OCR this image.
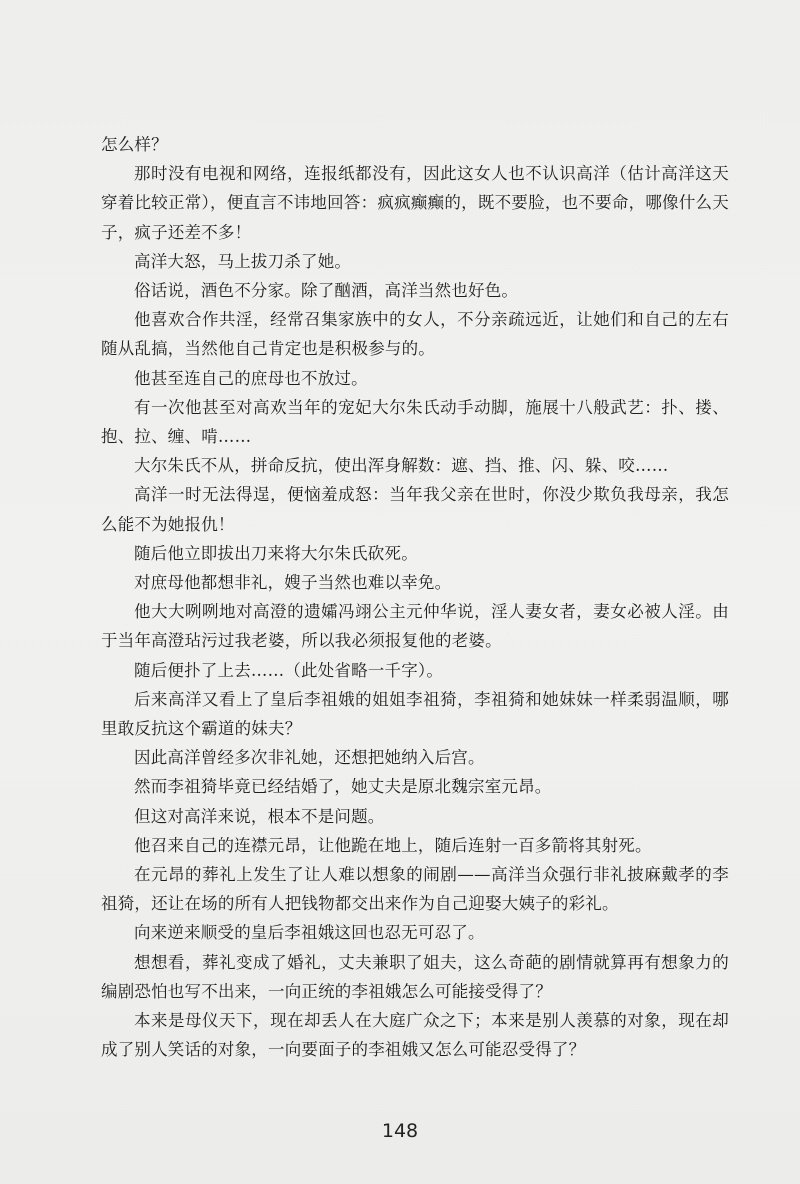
怎么样？

那时没有电视和网络，连报纸都没有，因此这女人也不认识高洋（估计高洋这天穿着比较正常），便直言不讳地回答：疯疯癫癫的，既不要脸，也不要命，哪像什么天子，疯子还差不多！

高洋大怒，马上拔刀杀了她。

俗话说，酒色不分家。除了酗酒，高洋当然也好色。

他喜欢合作共淫，经常召集家族中的女人，不分亲疏远近，让她们和自己的左右随从乱搞，当然他自己肯定也是积极参与的。

他甚至连自己的庶母也不放过。

有一次他甚至对高欢当年的宠妃大尔朱氏动手动脚，施展十八般武艺：扑、搂、抱、拉、缠、啃……

大尔朱氏不从，拼命反抗，使出浑身解数：遮、挡、推、闪、躲、咬……

高洋一时无法得逞，便恼羞成怒：当年我父亲在世时，你没少欺负我母亲，我怎么能不为她报仇！

随后他立即拔出刀来将大尔朱氏砍死。

对庶母他都想非礼，嫂子当然也难以幸免。

他大大咧咧地对高澄的遗孀冯翊公主元仲华说，淫人妻女者，妻女必被人淫。由于当年高澄玷污过我老婆，所以我必须报复他的老婆。

随后便扑了上去……（此处省略一千字）。

后来高洋又看上了皇后李祖娥的姐姐李祖猗，李祖猗和她妹妹一样柔弱温顺，哪里敢反抗这个霸道的妹夫？

因此高洋曾经多次非礼她，还想把她纳入后宫。

然而李祖猗毕竟已经结婚了，她丈夫是原北魏宗室元昂。

但这对高洋来说，根本不是问题。

他召来自己的连襟元昂，让他跪在地上，随后连射一百多箭将其射死。

在元昂的葬礼上发生了让人难以想象的闹剧——高洋当众强行非礼披麻戴孝的李祖猗，还让在场的所有人把钱物都交出来作为自己迎娶大姨子的彩礼。

向来逆来顺受的皇后李祖娥这回也忍无可忍了。

想想看，葬礼变成了婚礼，丈夫兼职了姐夫，这么奇葩的剧情就算再有想象力的编剧恐怕也写不出来，一向正统的李祖娥怎么可能接受得了？

本来是母仪天下，现在却丢人在大庭广众之下；本来是别人羡慕的对象，现在却成了别人笑话的对象，一向要面子的李祖娥又怎么可能忍受得了？

148
